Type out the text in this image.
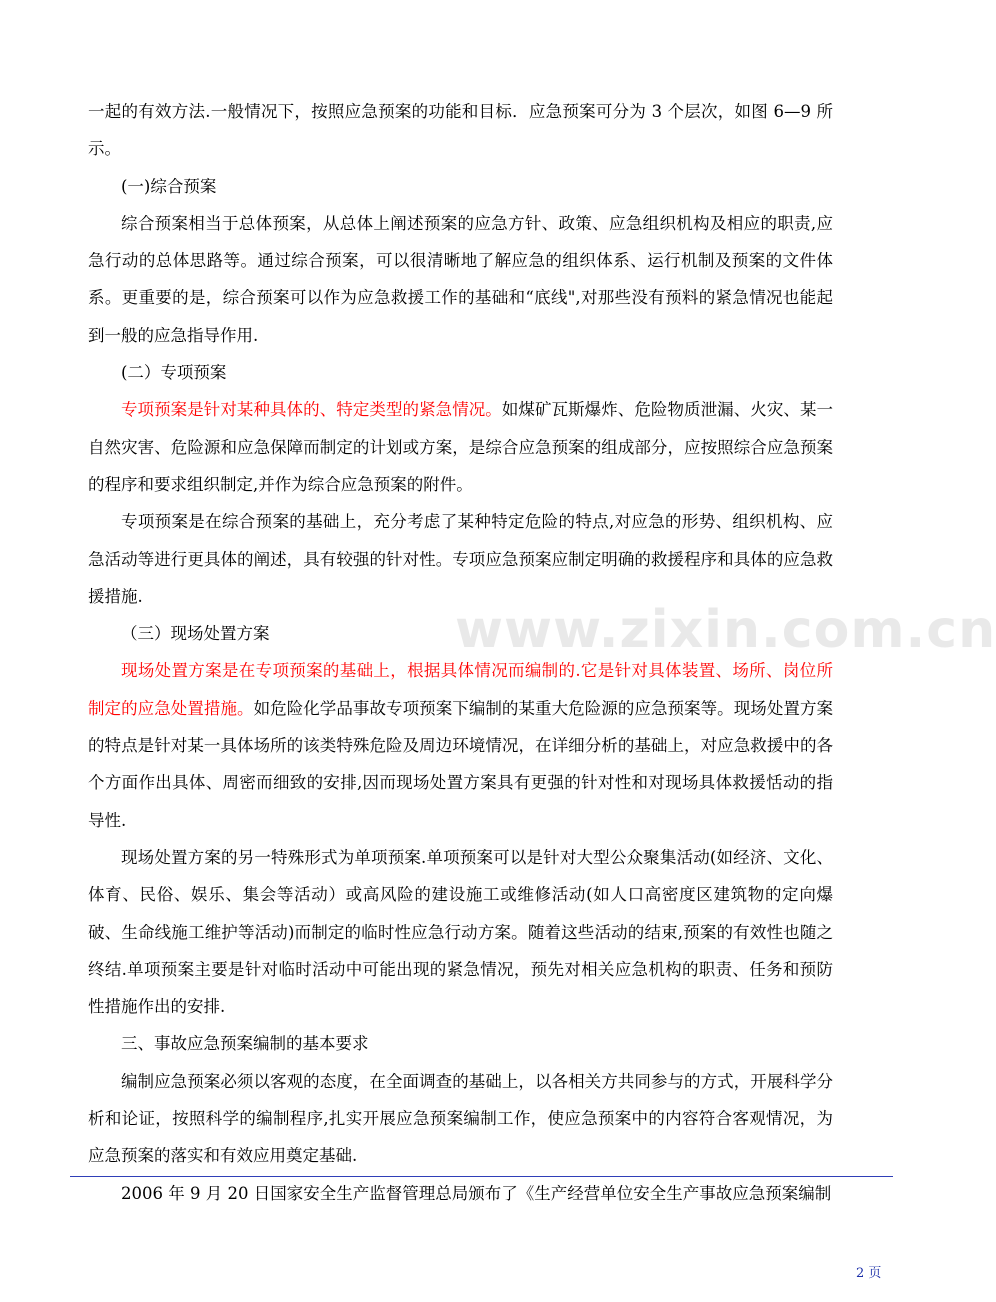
www.zixin.com.cn

一起的有效方法.一般情况下，按照应急预案的功能和目标．应急预案可分为 3 个层次，如图 6—9 所示。

(一)综合预案

综合预案相当于总体预案，从总体上阐述预案的应急方针、政策、应急组织机构及相应的职责,应急行动的总体思路等。通过综合预案，可以很清晰地了解应急的组织体系、运行机制及预案的文件体系。更重要的是，综合预案可以作为应急救援工作的基础和“底线",对那些没有预料的紧急情况也能起到一般的应急指导作用.

(二）专项预案

专项预案是针对某种具体的、特定类型的紧急情况。如煤矿瓦斯爆炸、危险物质泄漏、火灾、某一自然灾害、危险源和应急保障而制定的计划或方案，是综合应急预案的组成部分，应按照综合应急预案的程序和要求组织制定,并作为综合应急预案的附件。

专项预案是在综合预案的基础上，充分考虑了某种特定危险的特点,对应急的形势、组织机构、应急活动等进行更具体的阐述，具有较强的针对性。专项应急预案应制定明确的救援程序和具体的应急救援措施.

（三）现场处置方案

现场处置方案是在专项预案的基础上，根据具体情况而编制的.它是针对具体装置、场所、岗位所制定的应急处置措施。如危险化学品事故专项预案下编制的某重大危险源的应急预案等。现场处置方案的特点是针对某一具体场所的该类特殊危险及周边环境情况，在详细分析的基础上，对应急救援中的各个方面作出具体、周密而细致的安排,因而现场处置方案具有更强的针对性和对现场具体救援恬动的指导性.

现场处置方案的另一特殊形式为单项预案.单项预案可以是针对大型公众聚集活动(如经济、文化、体育、民俗、娱乐、集会等活动）或高风险的建设施工或维修活动(如人口高密度区建筑物的定向爆破、生命线施工维护等活动)而制定的临时性应急行动方案。随着这些活动的结束,预案的有效性也随之终结.单项预案主要是针对临时活动中可能出现的紧急情况，预先对相关应急机构的职责、任务和预防性措施作出的安排.

三、事故应急预案编制的基本要求

编制应急预案必须以客观的态度，在全面调查的基础上，以各相关方共同参与的方式，开展科学分析和论证，按照科学的编制程序,扎实开展应急预案编制工作，使应急预案中的内容符合客观情况，为应急预案的落实和有效应用奠定基础.

2006 年 9 月 20 日国家安全生产监督管理总局颁布了《生产经营单位安全生产事故应急预案编制

2 页
